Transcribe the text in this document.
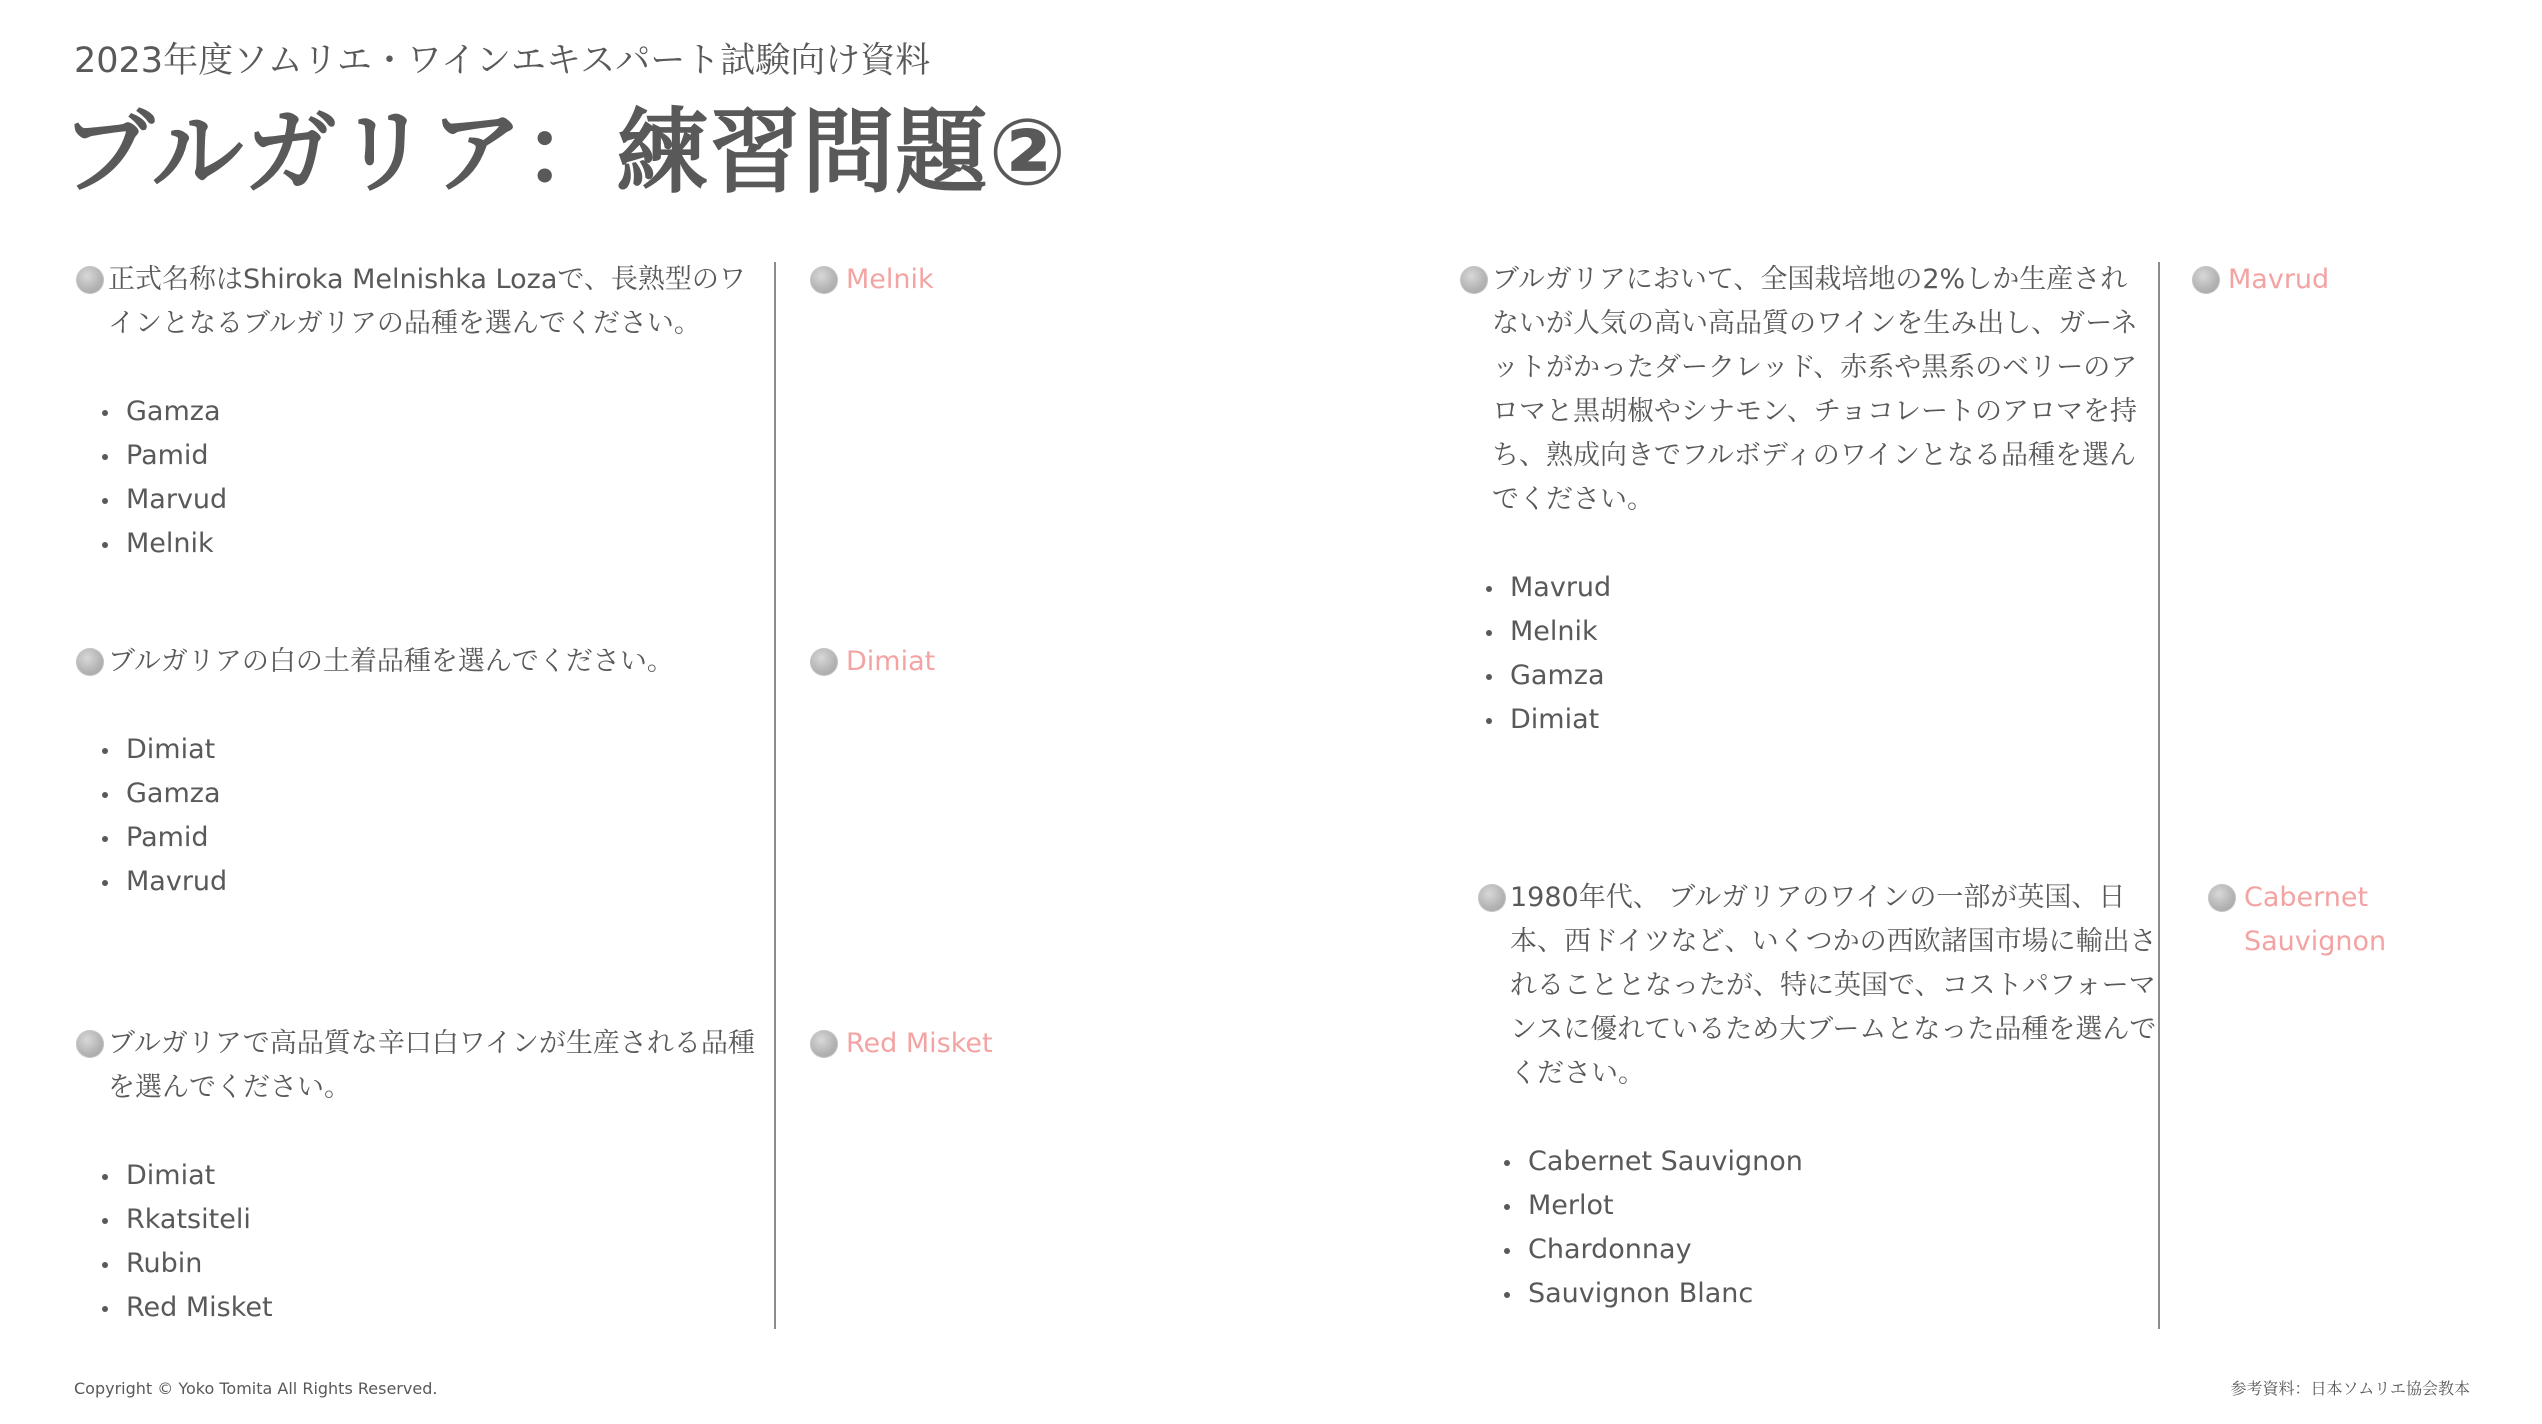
2023年度ソムリエ・ワインエキスパート試験向け資料
ブルガリア：練習問題②
正式名称はShiroka Melnishka Lozaで、長熟型のワインとなるブルガリアの品種を選んでください。
Gamza
Pamid
Marvud
Melnik
Melnik
ブルガリアの白の土着品種を選んでください。
Dimiat
Gamza
Pamid
Mavrud
Dimiat
ブルガリアで高品質な辛口白ワインが生産される品種を選んでください。
Dimiat
Rkatsiteli
Rubin
Red Misket
Red Misket
ブルガリアにおいて、全国栽培地の2%しか生産されないが人気の高い高品質のワインを生み出し、ガーネットがかったダークレッド、赤系や黒系のベリーのアロマと黒胡椒やシナモン、チョコレートのアロマを持ち、熟成向きでフルボディのワインとなる品種を選んでください。
Mavrud
Melnik
Gamza
Dimiat
Mavrud
1980年代、 ブルガリアのワインの一部が英国、日本、西ドイツなど、いくつかの西欧諸国市場に輸出されることとなったが、特に英国で、コストパフォーマンスに優れているため大ブームとなった品種を選んでください。
Cabernet Sauvignon
Merlot
Chardonnay
Sauvignon Blanc
Cabernet Sauvignon
Copyright © Yoko Tomita All Rights Reserved.	参考資料：日本ソムリエ協会教本
